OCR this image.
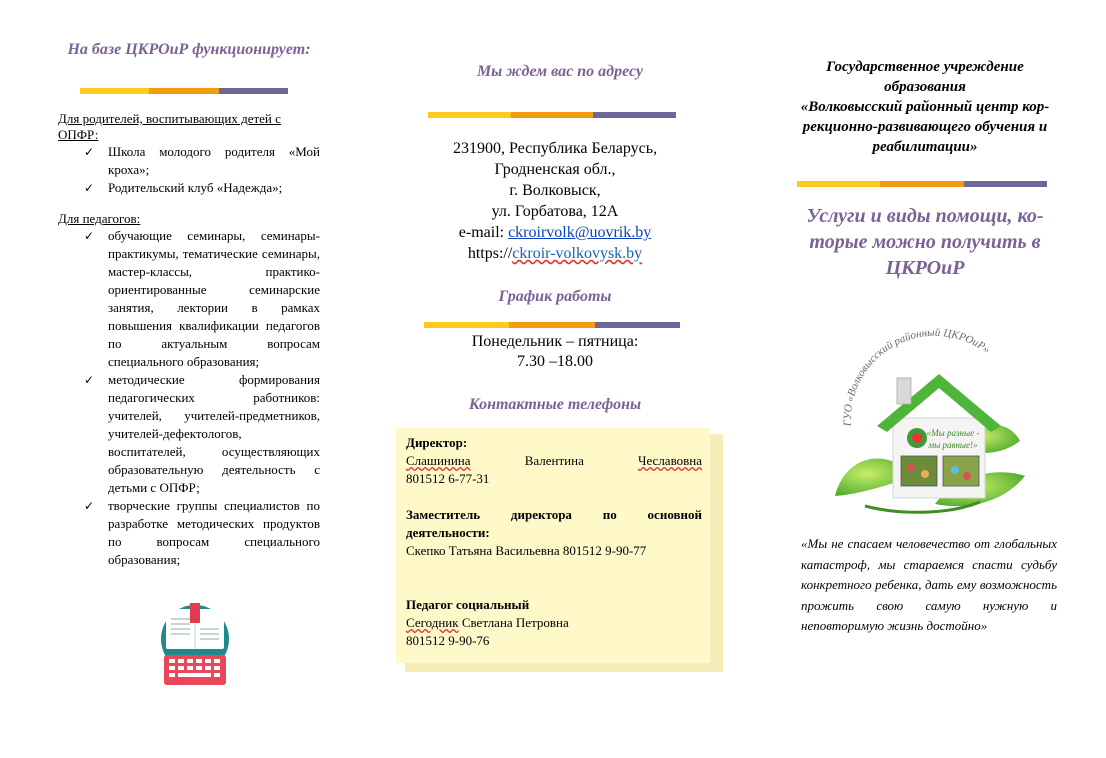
На базе ЦКРОиР функционирует:
Для родителей, воспитывающих детей с ОПФР:
✓ Школа молодого родителя «Мой кроха»;
✓ Родительский клуб «Надежда»;
Для педагогов:
✓ обучающие семинары, семинары-практикумы, тематические семинары, мастер-классы, практико-ориентированные семинарские занятия, лектории в рамках повышения квалификации педагогов по актуальным вопросам специального образования;
✓ методические формирования педагогических работников: учителей, учителей-предметников, учителей-дефектологов, воспитателей, осуществляющих образовательную деятельность с детьми с ОПФР;
✓ творческие группы специалистов по разработке методических продуктов по вопросам специального образования;
Мы ждем вас по адресу
231900, Республика Беларусь,
Гродненская обл.,
г. Волковыск,
ул. Горбатова, 12А
e-mail: ckroirvolk@uovrik.by
https://ckroir-volkovysk.by
График работы
Понедельник – пятница:
7.30 –18.00
Контактные телефоны
Директор:
Слашинина	Валентина	Чеславовна
801512 6-77-31
Заместитель директора по основной
деятельности:
Скепко Татьяна Васильевна 801512 9-90-77
Педагог социальный
Сегодник Светлана Петровна
801512 9-90-76
Государственное учреждение
образования
«Волковысский районный центр кор-
рекционно-развивающего обучения и
реабилитации»
Услуги и виды помощи, ко-
торые можно получить в
ЦКРОиР
ГУО «Волковысский районный ЦКРОиР»
«Мы разные -
мы равные!»
«Мы не спасаем человечество от глобальных катастроф, мы стараемся спасти судьбу конкретного ребенка, дать ему возможность прожить свою самую нужную и неповторимую жизнь достойно»
